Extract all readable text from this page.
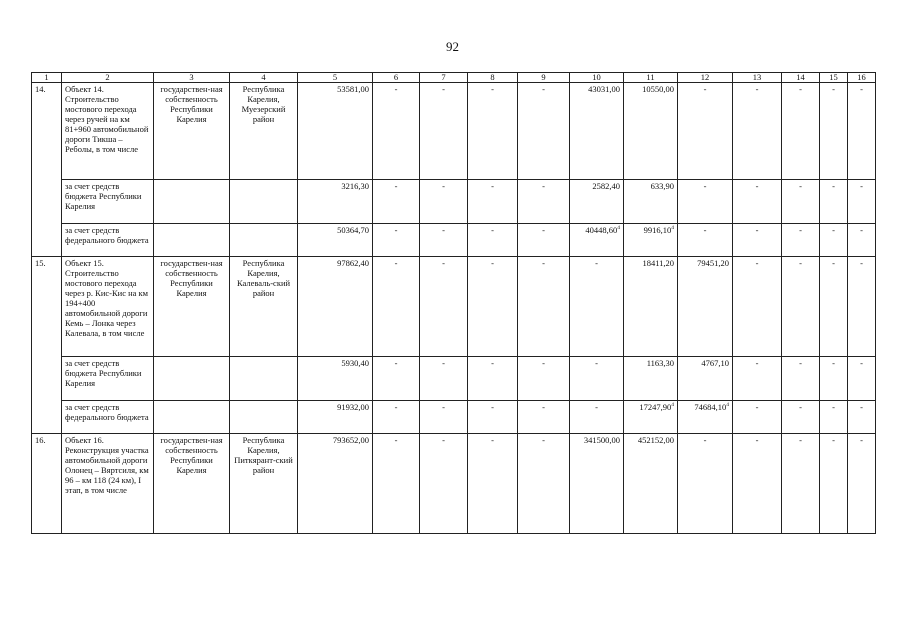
92
1	2	3	4	5	6	7	8	9	10	11	12	13	14	15	16
14.	Объект 14. Строительство мостового перехода через ручей на км 81+960 автомобильной дороги Тикша – Реболы, в том числе	государствен-ная собственность Республики Карелия	Республика Карелия, Муезерский район	53581,00	-	-	-	-	43031,00	10550,00	-	-	-	-	-
	за счет средств бюджета Республики Карелия			3216,30	-	-	-	-	2582,40	633,90	-	-	-	-	-
	за счет средств федерального бюджета			50364,70	-	-	-	-	40448,60$^4$	9916,10$^4$	-	-	-	-	-
15.	Объект 15. Строительство мостового перехода через р. Кис-Кис на км 194+400 автомобильной дороги Кемь – Лонка через Калевала, в том числе	государствен-ная собственность Республики Карелия	Республика Карелия, Калеваль-ский район	97862,40	-	-	-	-	-	18411,20	79451,20	-	-	-	-
	за счет средств бюджета Республики Карелия			5930,40	-	-	-	-	-	1163,30	4767,10	-	-	-	-
	за счет средств федерального бюджета			91932,00	-	-	-	-	-	17247,90$^4$	74684,10$^4$	-	-	-	-
16.	Объект 16. Реконструкция участка автомобильной дороги Олонец – Вяртсиля, км 96 – км 118 (24 км), I этап, в том числе	государствен-ная собственность Республики Карелия	Республика Карелия, Питкярант-ский район	793652,00	-	-	-	-	341500,00	452152,00	-	-	-	-	-
